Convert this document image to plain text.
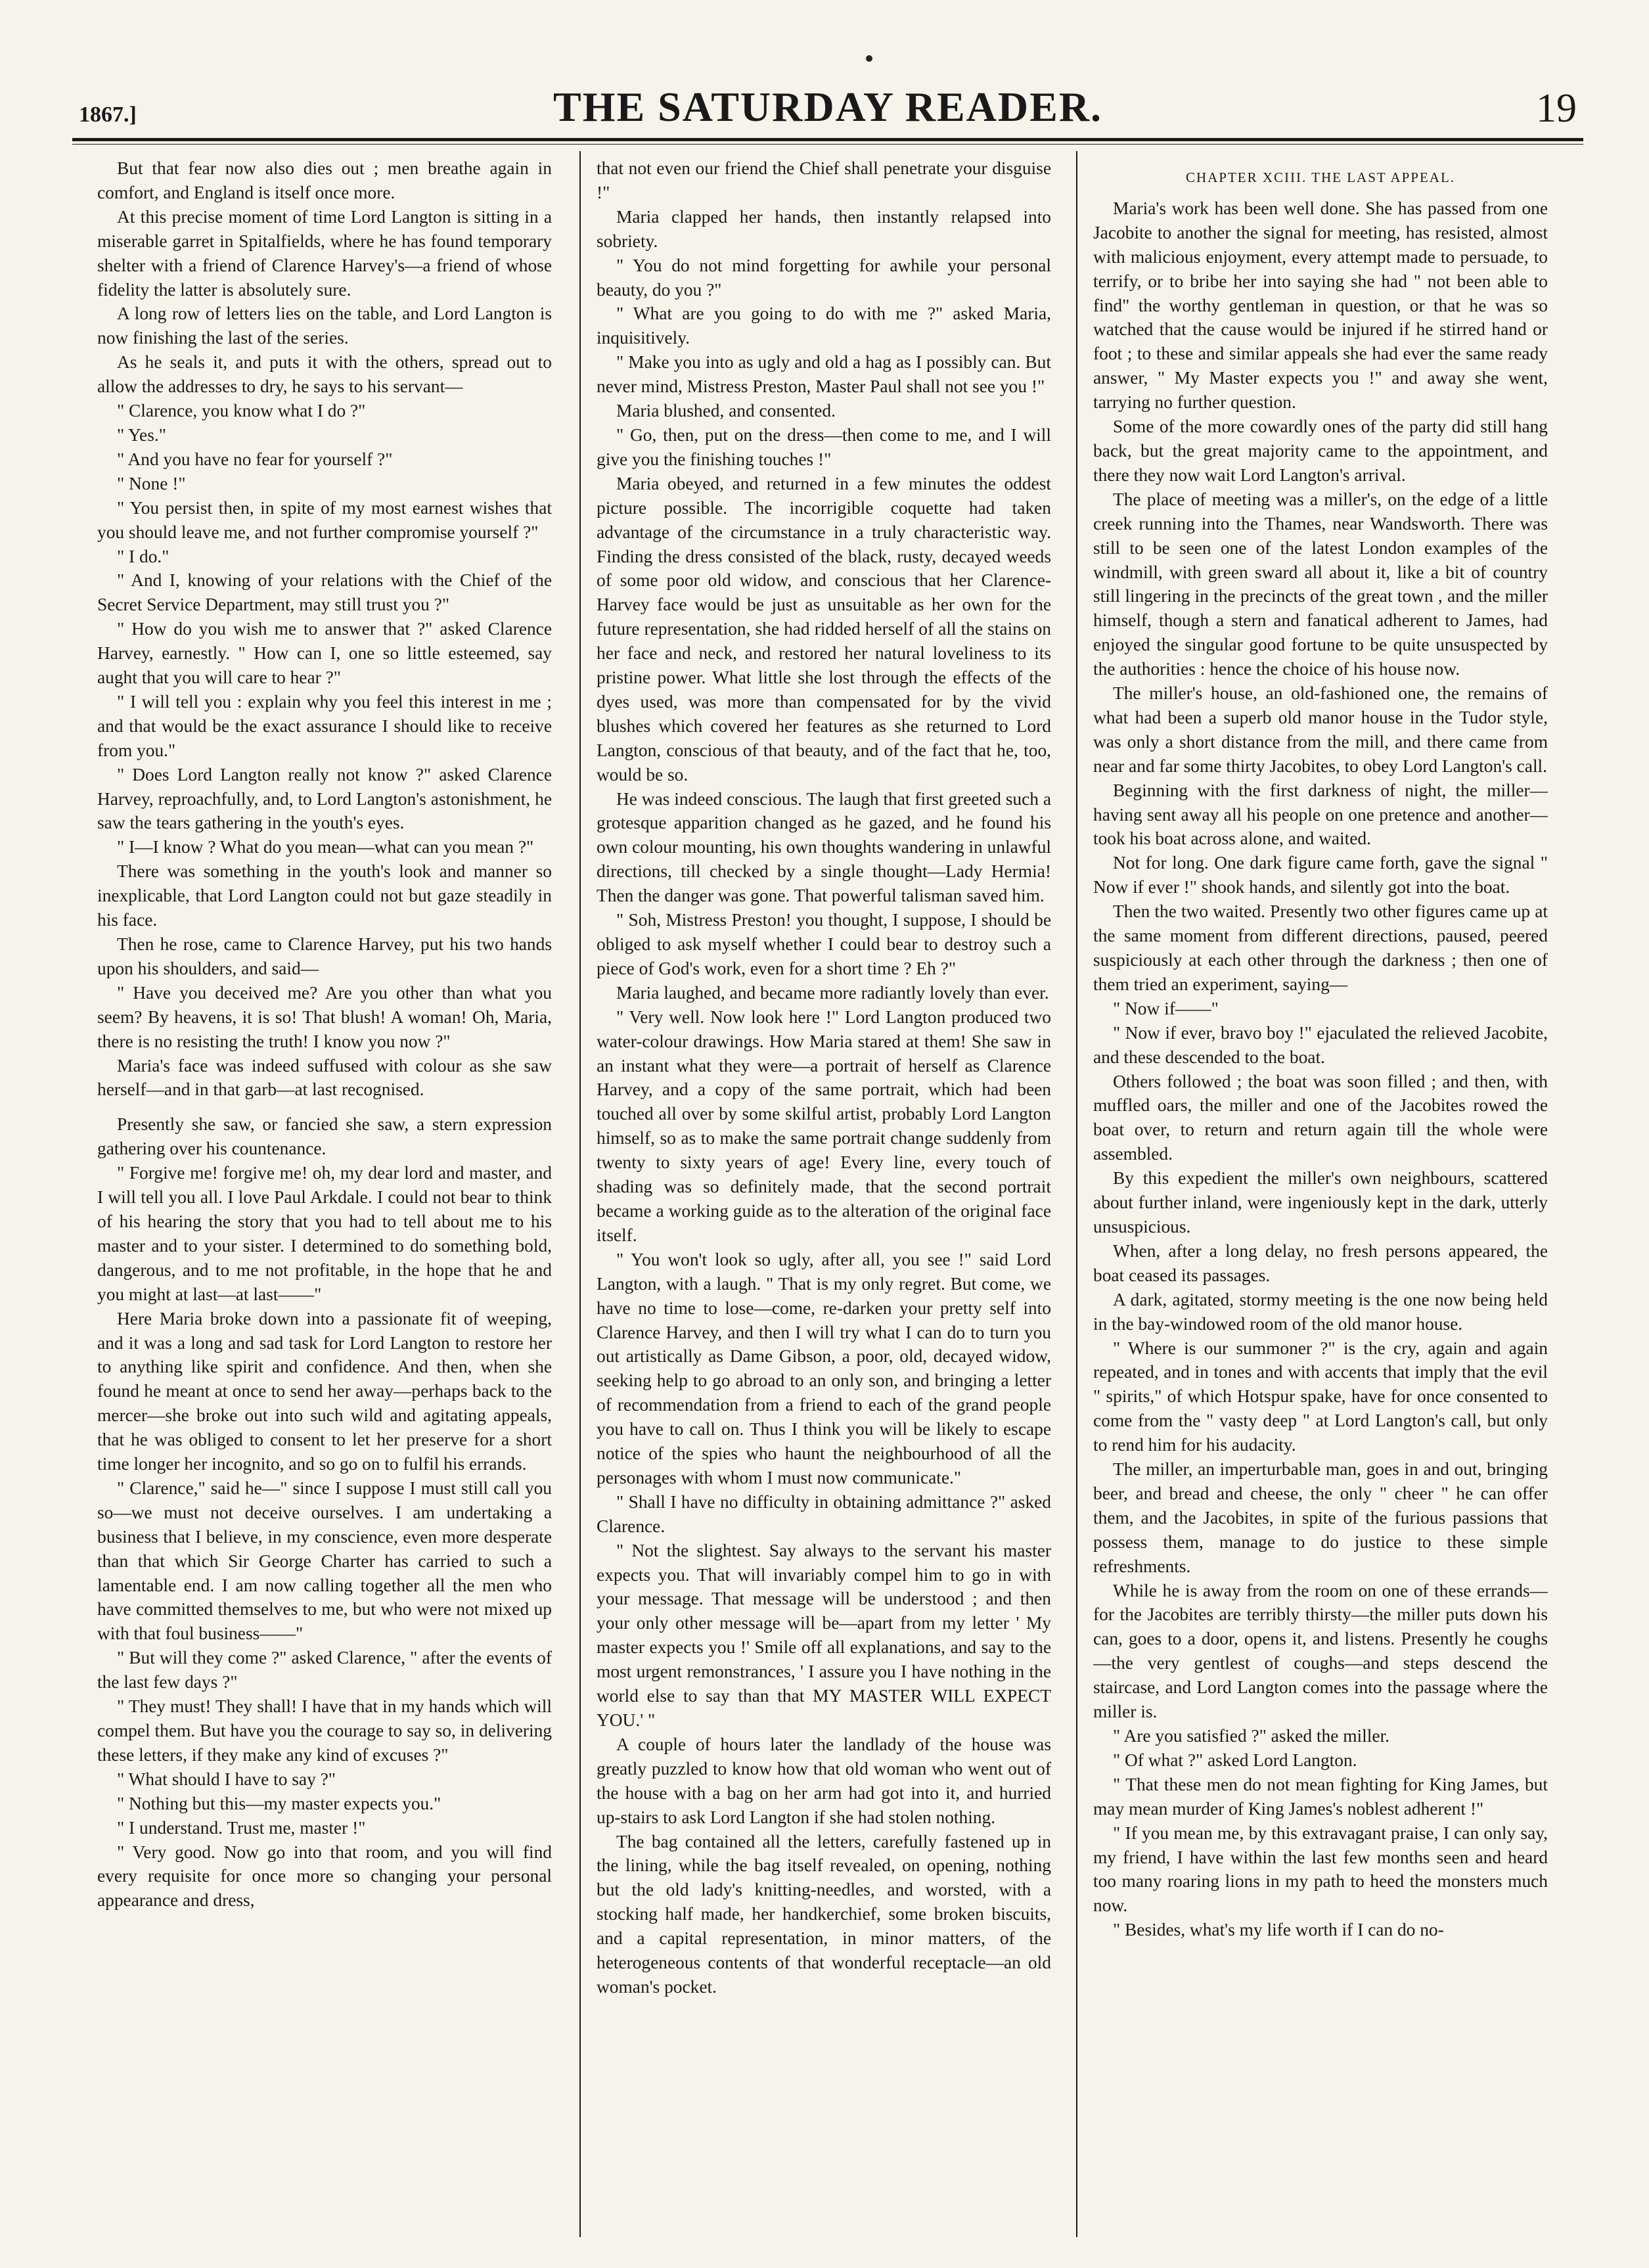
1867.]	THE SATURDAY READER.	19

But that fear now also dies out ; men breathe again in comfort, and England is itself once more.

At this precise moment of time Lord Langton is sitting in a miserable garret in Spitalfields, where he has found temporary shelter with a friend of Clarence Harvey's—a friend of whose fidelity the latter is absolutely sure.

A long row of letters lies on the table, and Lord Langton is now finishing the last of the series.

As he seals it, and puts it with the others, spread out to allow the addresses to dry, he says to his servant—

" Clarence, you know what I do ?"

" Yes."

" And you have no fear for yourself ?"

" None !"

" You persist then, in spite of my most earnest wishes that you should leave me, and not further compromise yourself ?"

" I do."

" And I, knowing of your relations with the Chief of the Secret Service Department, may still trust you ?"

" How do you wish me to answer that ?" asked Clarence Harvey, earnestly. " How can I, one so little esteemed, say aught that you will care to hear ?"

" I will tell you : explain why you feel this interest in me ; and that would be the exact assurance I should like to receive from you."

" Does Lord Langton really not know ?" asked Clarence Harvey, reproachfully, and, to Lord Langton's astonishment, he saw the tears gathering in the youth's eyes.

" I—I know ? What do you mean—what can you mean ?"

There was something in the youth's look and manner so inexplicable, that Lord Langton could not but gaze steadily in his face.

Then he rose, came to Clarence Harvey, put his two hands upon his shoulders, and said—

" Have you deceived me? Are you other than what you seem? By heavens, it is so! That blush! A woman! Oh, Maria, there is no resisting the truth! I know you now ?"

Maria's face was indeed suffused with colour as she saw herself—and in that garb—at last recognised.

Presently she saw, or fancied she saw, a stern expression gathering over his countenance.

" Forgive me! forgive me! oh, my dear lord and master, and I will tell you all. I love Paul Arkdale. I could not bear to think of his hearing the story that you had to tell about me to his master and to your sister. I determined to do something bold, dangerous, and to me not profitable, in the hope that he and you might at last—at last——"

Here Maria broke down into a passionate fit of weeping, and it was a long and sad task for Lord Langton to restore her to anything like spirit and confidence. And then, when she found he meant at once to send her away—perhaps back to the mercer—she broke out into such wild and agitating appeals, that he was obliged to consent to let her preserve for a short time longer her incognito, and so go on to fulfil his errands.

" Clarence," said he—" since I suppose I must still call you so—we must not deceive ourselves. I am undertaking a business that I believe, in my conscience, even more desperate than that which Sir George Charter has carried to such a lamentable end. I am now calling together all the men who have committed themselves to me, but who were not mixed up with that foul business——"

" But will they come ?" asked Clarence, " after the events of the last few days ?"

" They must! They shall! I have that in my hands which will compel them. But have you the courage to say so, in delivering these letters, if they make any kind of excuses ?"

" What should I have to say ?"

" Nothing but this—my master expects you."

" I understand. Trust me, master !"

" Very good. Now go into that room, and you will find every requisite for once more so changing your personal appearance and dress,

that not even our friend the Chief shall penetrate your disguise !"

Maria clapped her hands, then instantly relapsed into sobriety.

" You do not mind forgetting for awhile your personal beauty, do you ?"

" What are you going to do with me ?" asked Maria, inquisitively.

" Make you into as ugly and old a hag as I possibly can. But never mind, Mistress Preston, Master Paul shall not see you !"

Maria blushed, and consented.

" Go, then, put on the dress—then come to me, and I will give you the finishing touches !"

Maria obeyed, and returned in a few minutes the oddest picture possible. The incorrigible coquette had taken advantage of the circumstance in a truly characteristic way. Finding the dress consisted of the black, rusty, decayed weeds of some poor old widow, and conscious that her Clarence-Harvey face would be just as unsuitable as her own for the future representation, she had ridded herself of all the stains on her face and neck, and restored her natural loveliness to its pristine power. What little she lost through the effects of the dyes used, was more than compensated for by the vivid blushes which covered her features as she returned to Lord Langton, conscious of that beauty, and of the fact that he, too, would be so.

He was indeed conscious. The laugh that first greeted such a grotesque apparition changed as he gazed, and he found his own colour mounting, his own thoughts wandering in unlawful directions, till checked by a single thought—Lady Hermia! Then the danger was gone. That powerful talisman saved him.

" Soh, Mistress Preston! you thought, I suppose, I should be obliged to ask myself whether I could bear to destroy such a piece of God's work, even for a short time ? Eh ?"

Maria laughed, and became more radiantly lovely than ever.

" Very well. Now look here !" Lord Langton produced two water-colour drawings. How Maria stared at them! She saw in an instant what they were—a portrait of herself as Clarence Harvey, and a copy of the same portrait, which had been touched all over by some skilful artist, probably Lord Langton himself, so as to make the same portrait change suddenly from twenty to sixty years of age! Every line, every touch of shading was so definitely made, that the second portrait became a working guide as to the alteration of the original face itself.

" You won't look so ugly, after all, you see !" said Lord Langton, with a laugh. " That is my only regret. But come, we have no time to lose—come, re-darken your pretty self into Clarence Harvey, and then I will try what I can do to turn you out artistically as Dame Gibson, a poor, old, decayed widow, seeking help to go abroad to an only son, and bringing a letter of recommendation from a friend to each of the grand people you have to call on. Thus I think you will be likely to escape notice of the spies who haunt the neighbourhood of all the personages with whom I must now communicate."

" Shall I have no difficulty in obtaining admittance ?" asked Clarence.

" Not the slightest. Say always to the servant his master expects you. That will invariably compel him to go in with your message. That message will be understood ; and then your only other message will be—apart from my letter ' My master expects you !' Smile off all explanations, and say to the most urgent remonstrances, ' I assure you I have nothing in the world else to say than that MY MASTER WILL EXPECT YOU.' "

A couple of hours later the landlady of the house was greatly puzzled to know how that old woman who went out of the house with a bag on her arm had got into it, and hurried up-stairs to ask Lord Langton if she had stolen nothing.

The bag contained all the letters, carefully fastened up in the lining, while the bag itself revealed, on opening, nothing but the old lady's knitting-needles, and worsted, with a stocking half made, her handkerchief, some broken biscuits, and a capital representation, in minor matters, of the heterogeneous contents of that wonderful receptacle—an old woman's pocket.

CHAPTER XCIII. THE LAST APPEAL.

Maria's work has been well done. She has passed from one Jacobite to another the signal for meeting, has resisted, almost with malicious enjoyment, every attempt made to persuade, to terrify, or to bribe her into saying she had " not been able to find" the worthy gentleman in question, or that he was so watched that the cause would be injured if he stirred hand or foot ; to these and similar appeals she had ever the same ready answer, " My Master expects you !" and away she went, tarrying no further question.

Some of the more cowardly ones of the party did still hang back, but the great majority came to the appointment, and there they now wait Lord Langton's arrival.

The place of meeting was a miller's, on the edge of a little creek running into the Thames, near Wandsworth. There was still to be seen one of the latest London examples of the windmill, with green sward all about it, like a bit of country still lingering in the precincts of the great town , and the miller himself, though a stern and fanatical adherent to James, had enjoyed the singular good fortune to be quite unsuspected by the authorities : hence the choice of his house now.

The miller's house, an old-fashioned one, the remains of what had been a superb old manor house in the Tudor style, was only a short distance from the mill, and there came from near and far some thirty Jacobites, to obey Lord Langton's call.

Beginning with the first darkness of night, the miller—having sent away all his people on one pretence and another—took his boat across alone, and waited.

Not for long. One dark figure came forth, gave the signal " Now if ever !" shook hands, and silently got into the boat.

Then the two waited. Presently two other figures came up at the same moment from different directions, paused, peered suspiciously at each other through the darkness ; then one of them tried an experiment, saying—

" Now if——"

" Now if ever, bravo boy !" ejaculated the relieved Jacobite, and these descended to the boat.

Others followed ; the boat was soon filled ; and then, with muffled oars, the miller and one of the Jacobites rowed the boat over, to return and return again till the whole were assembled.

By this expedient the miller's own neighbours, scattered about further inland, were ingeniously kept in the dark, utterly unsuspicious.

When, after a long delay, no fresh persons appeared, the boat ceased its passages.

A dark, agitated, stormy meeting is the one now being held in the bay-windowed room of the old manor house.

" Where is our summoner ?" is the cry, again and again repeated, and in tones and with accents that imply that the evil " spirits," of which Hotspur spake, have for once consented to come from the " vasty deep " at Lord Langton's call, but only to rend him for his audacity.

The miller, an imperturbable man, goes in and out, bringing beer, and bread and cheese, the only " cheer " he can offer them, and the Jacobites, in spite of the furious passions that possess them, manage to do justice to these simple refreshments.

While he is away from the room on one of these errands—for the Jacobites are terribly thirsty—the miller puts down his can, goes to a door, opens it, and listens. Presently he coughs —the very gentlest of coughs—and steps descend the staircase, and Lord Langton comes into the passage where the miller is.

" Are you satisfied ?" asked the miller.

" Of what ?" asked Lord Langton.

" That these men do not mean fighting for King James, but may mean murder of King James's noblest adherent !"

" If you mean me, by this extravagant praise, I can only say, my friend, I have within the last few months seen and heard too many roaring lions in my path to heed the monsters much now.

" Besides, what's my life worth if I can do no-
